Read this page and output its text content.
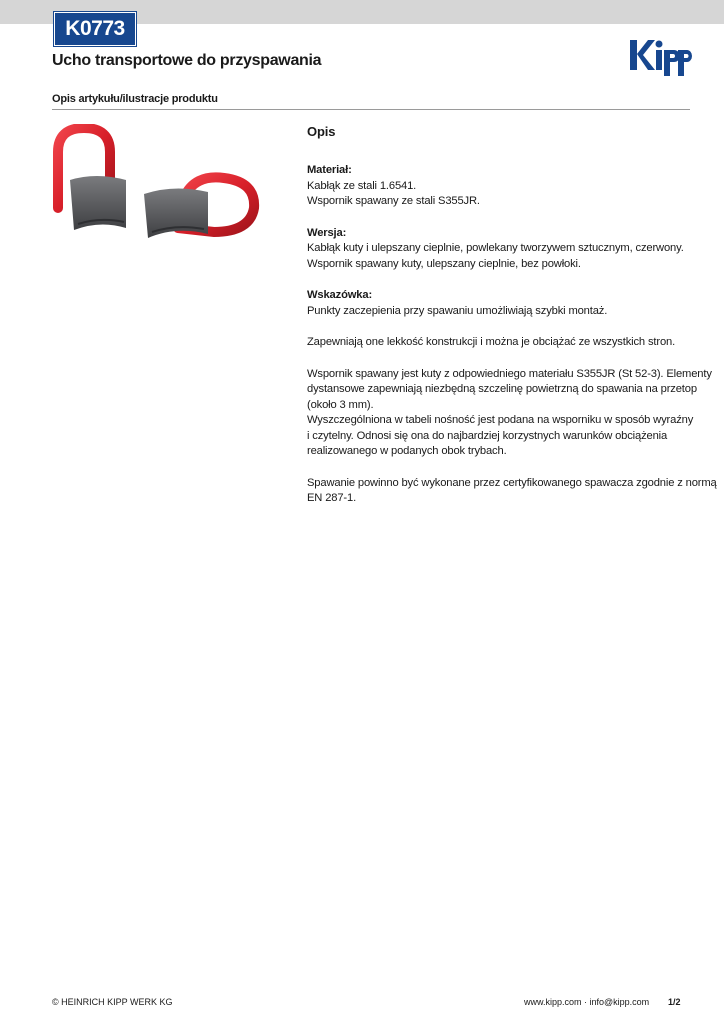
K0773
Ucho transportowe do przyspawania
Opis artykułu/ilustracje produktu
Opis
Materiał:
Kabłąk ze stali 1.6541.
Wspornik spawany ze stali S355JR.
Wersja:
Kabłąk kuty i ulepszany cieplnie, powlekany tworzywem sztucznym, czerwony.
Wspornik spawany kuty, ulepszany cieplnie, bez powłoki.
Wskazówka:
Punkty zaczepienia przy spawaniu umożliwiają szybki montaż.
Zapewniają one lekkość konstrukcji i można je obciążać ze wszystkich stron.
Wspornik spawany jest kuty z odpowiedniego materiału S355JR (St 52-3). Elementy
dystansowe zapewniają niezbędną szczelinę powietrzną do spawania na przetop
(około 3 mm).
Wyszczególniona w tabeli nośność jest podana na wsporniku w sposób wyraźny
i czytelny. Odnosi się ona do najbardziej korzystnych warunków obciążenia
realizowanego w podanych obok trybach.
Spawanie powinno być wykonane przez certyfikowanego spawacza zgodnie z normą
EN 287-1.
© HEINRICH KIPP WERK KG	www.kipp.com · info@kipp.com 1/2
